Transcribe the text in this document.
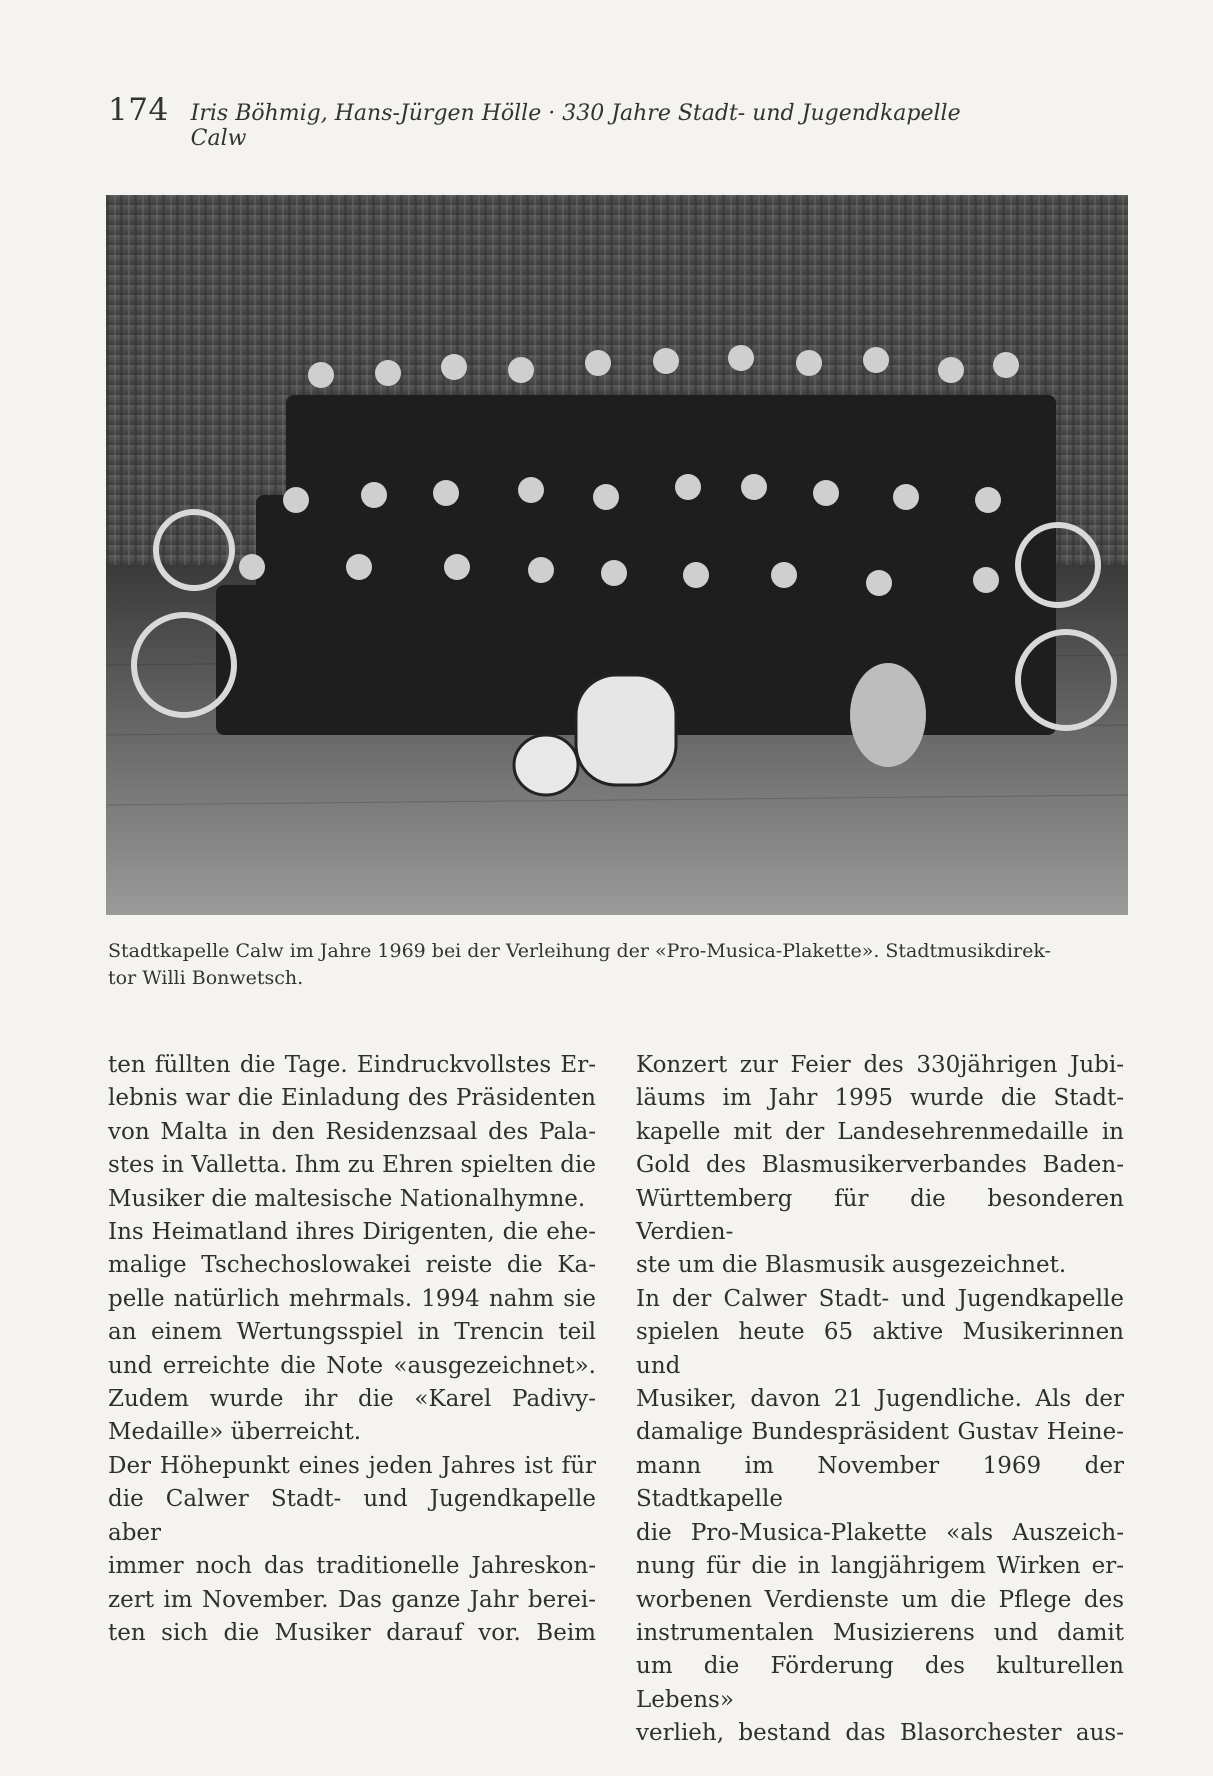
174 Iris Böhmig, Hans-Jürgen Hölle · 330 Jahre Stadt- und Jugendkapelle Calw
Stadtkapelle Calw im Jahre 1969 bei der Verleihung der «Pro-Musica-Plakette». Stadtmusikdirek-
tor Willi Bonwetsch.

ten füllten die Tage. Eindruckvollstes Er-

lebnis war die Einladung des Präsidenten

von Malta in den Residenzsaal des Pala-

stes in Valletta. Ihm zu Ehren spielten die

Musiker die maltesische Nationalhymne.

Ins Heimatland ihres Dirigenten, die ehe-

malige Tschechoslowakei reiste die Ka-

pelle natürlich mehrmals. 1994 nahm sie

an einem Wertungsspiel in Trencin teil

und erreichte die Note «ausgezeichnet».

Zudem wurde ihr die «Karel Padivy-

Medaille» überreicht.

Der Höhepunkt eines jeden Jahres ist für

die Calwer Stadt- und Jugendkapelle aber

immer noch das traditionelle Jahreskon-

zert im November. Das ganze Jahr berei-

ten sich die Musiker darauf vor. Beim

Konzert zur Feier des 330jährigen Jubi-

läums im Jahr 1995 wurde die Stadt-

kapelle mit der Landesehrenmedaille in

Gold des Blasmusikerverbandes Baden-

Württemberg für die besonderen Verdien-

ste um die Blasmusik ausgezeichnet.

In der Calwer Stadt- und Jugendkapelle

spielen heute 65 aktive Musikerinnen und

Musiker, davon 21 Jugendliche. Als der

damalige Bundespräsident Gustav Heine-

mann im November 1969 der Stadtkapelle

die Pro-Musica-Plakette «als Auszeich-

nung für die in langjährigem Wirken er-

worbenen Verdienste um die Pflege des

instrumentalen Musizierens und damit

um die Förderung des kulturellen Lebens»

verlieh, bestand das Blasorchester aus-
